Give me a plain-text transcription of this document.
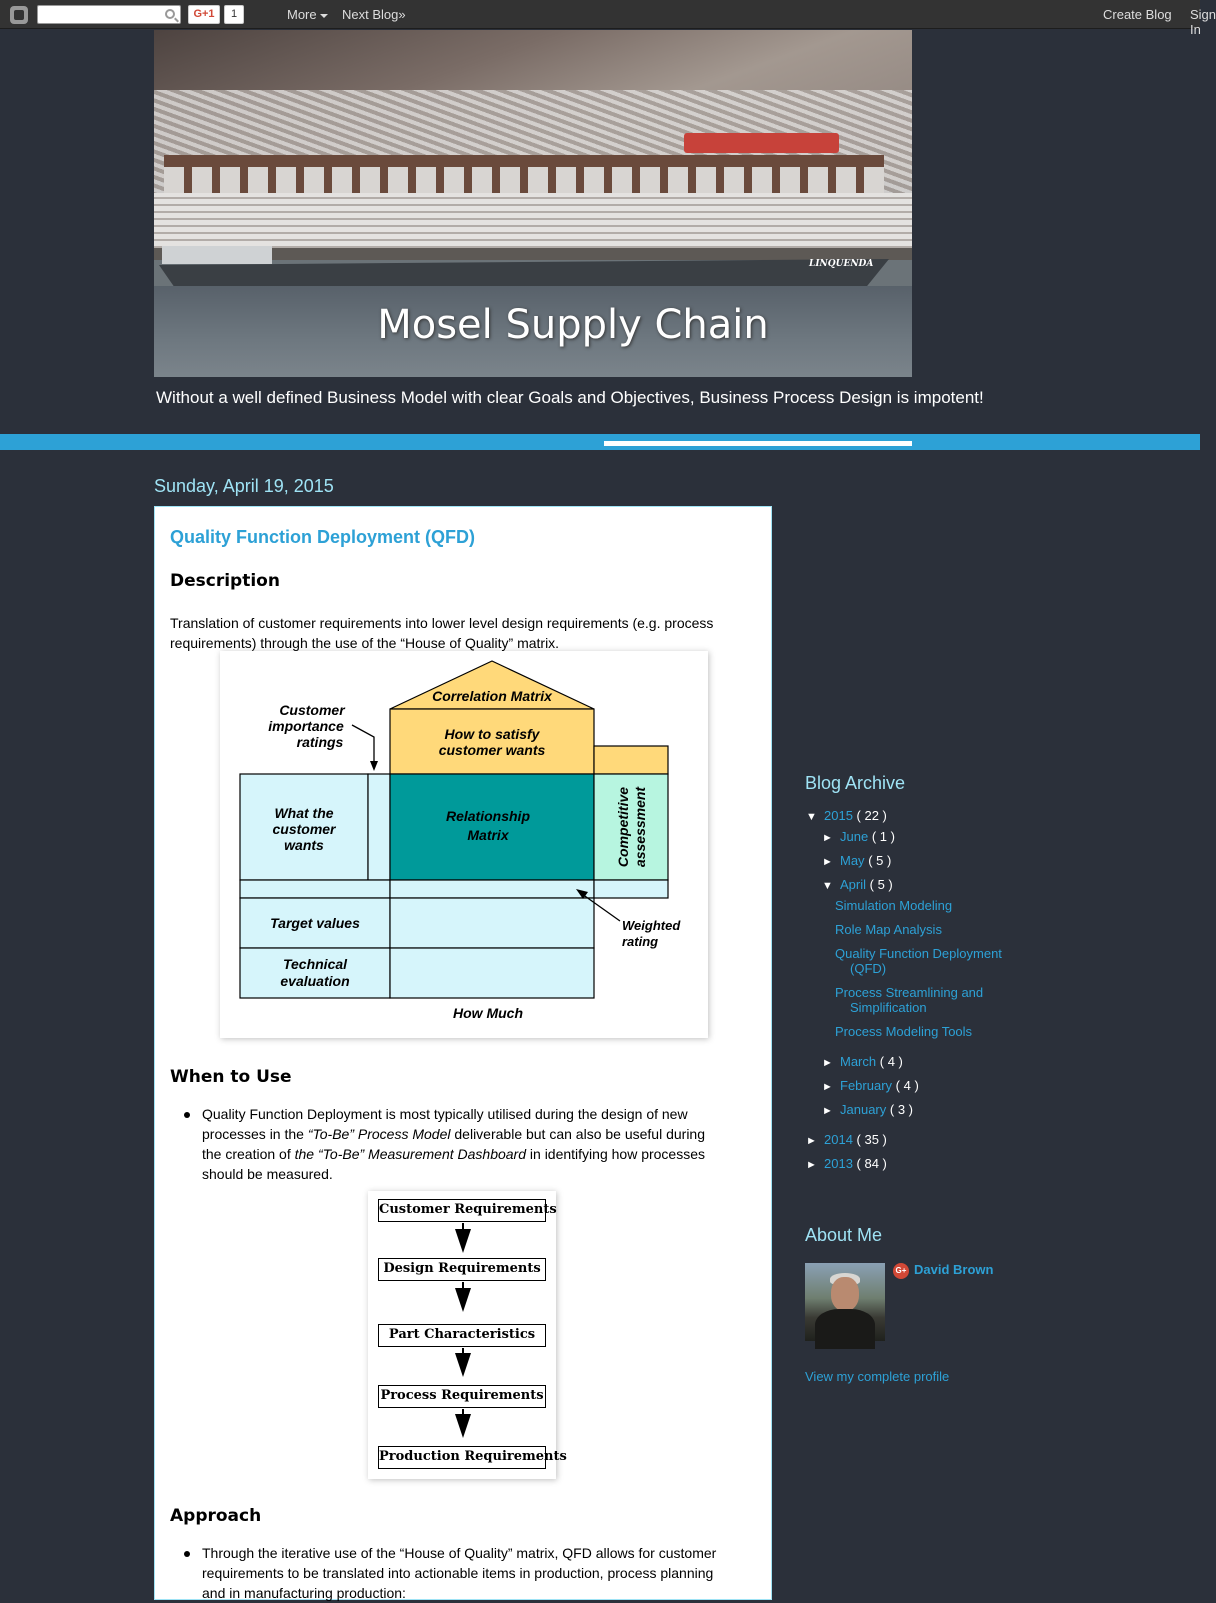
G+1	1	More	Next Blog»	Create Blog Sign In
LINQUENDA
Mosel Supply Chain
Without a well defined Business Model with clear Goals and Objectives, Business Process Design is impotent!
Sunday, April 19, 2015
Quality Function Deployment (QFD)
Description
Translation of customer requirements into lower level design requirements (e.g. process requirements) through the use of the “House of Quality” matrix.
Correlation Matrix
How to satisfy
customer wants
What the
customer
wants
Relationship
Matrix	Competitive assessment
Target values
Technical
evaluation
Customer
importance
ratings
Weighted
rating
How Much
When to Use
Quality Function Deployment is most typically utilised during the design of new processes in the “To-Be” Process Model deliverable but can also be useful during the creation of the “To-Be” Measurement Dashboard in identifying how processes should be measured.
Customer Requirements
Design Requirements
Part Characteristics
Process Requirements
Production Requirements
Approach
Through the iterative use of the “House of Quality” matrix, QFD allows for customer requirements to be translated into actionable items in production, process planning and in manufacturing production:
Blog Archive
▼ 2015 ( 22 )
► June ( 1 )
► May ( 5 )
▼ April ( 5 )
Simulation Modeling
Role Map Analysis
Quality Function Deployment
(QFD)
Process Streamlining and
Simplification
Process Modeling Tools
► March ( 4 )
► February ( 4 )
► January ( 3 )
► 2014 ( 35 )
► 2013 ( 84 )
About Me
G+ David Brown
View my complete profile
